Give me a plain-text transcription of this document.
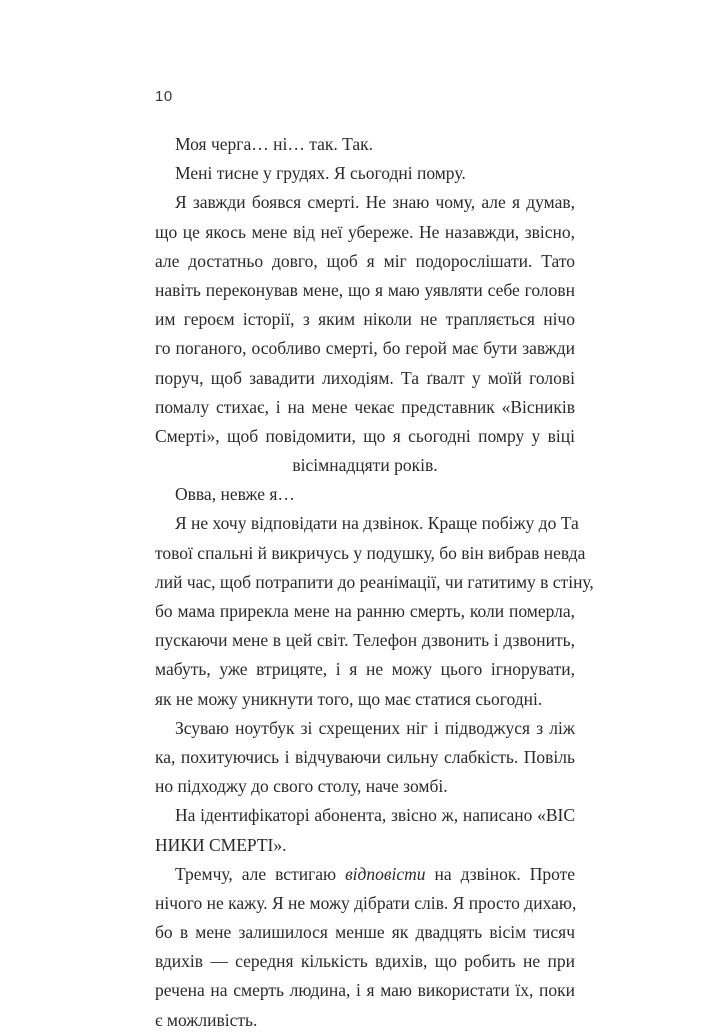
10
Моя черга… ні… так. Так.
Мені тисне у грудях. Я сьогодні помру.
Я завжди боявся смерті. Не знаю чому, але я думав,
що це якось мене від неї убереже. Не назавжди, звісно,
але достатньо довго, щоб я міг подорослішати. Тато
навіть переконував мене, що я маю уявляти себе головн
им героєм історії, з яким ніколи не трапляється нічо
го поганого, особливо смерті, бо герой має бути завжди
поруч, щоб завадити лиходіям. Та ґвалт у моїй голові
помалу стихає, і на мене чекає представник «Вісників
Смерті», щоб повідомити, що я сьогодні помру у віці
вісімнадцяти років.
Овва, невже я…
Я не хочу відповідати на дзвінок. Краще побіжу до Та
тової спальні й викричусь у подушку, бо він вибрав невда
лий час, щоб потрапити до реанімації, чи гатитиму в стіну,
бо мама прирекла мене на ранню смерть, коли померла,
пускаючи мене в цей світ. Телефон дзвонить і дзвонить,
мабуть, уже втрицяте, і я не можу цього ігнорувати,
як не можу уникнути того, що має статися сьогодні.
Зсуваю ноутбук зі схрещених ніг і підводжуся з ліж
ка, похитуючись і відчуваючи сильну слабкість. Повіль
но підходжу до свого столу, наче зомбі.
На ідентифікаторі абонента, звісно ж, написано «ВІС
НИКИ СМЕРТІ».
Тремчу, але встигаю відповісти на дзвінок. Проте
нічого не кажу. Я не можу дібрати слів. Я просто дихаю,
бо в мене залишилося менше як двадцять вісім тисяч
вдихів — середня кількість вдихів, що робить не при
речена на смерть людина, і я маю використати їх, поки
є можливість.
